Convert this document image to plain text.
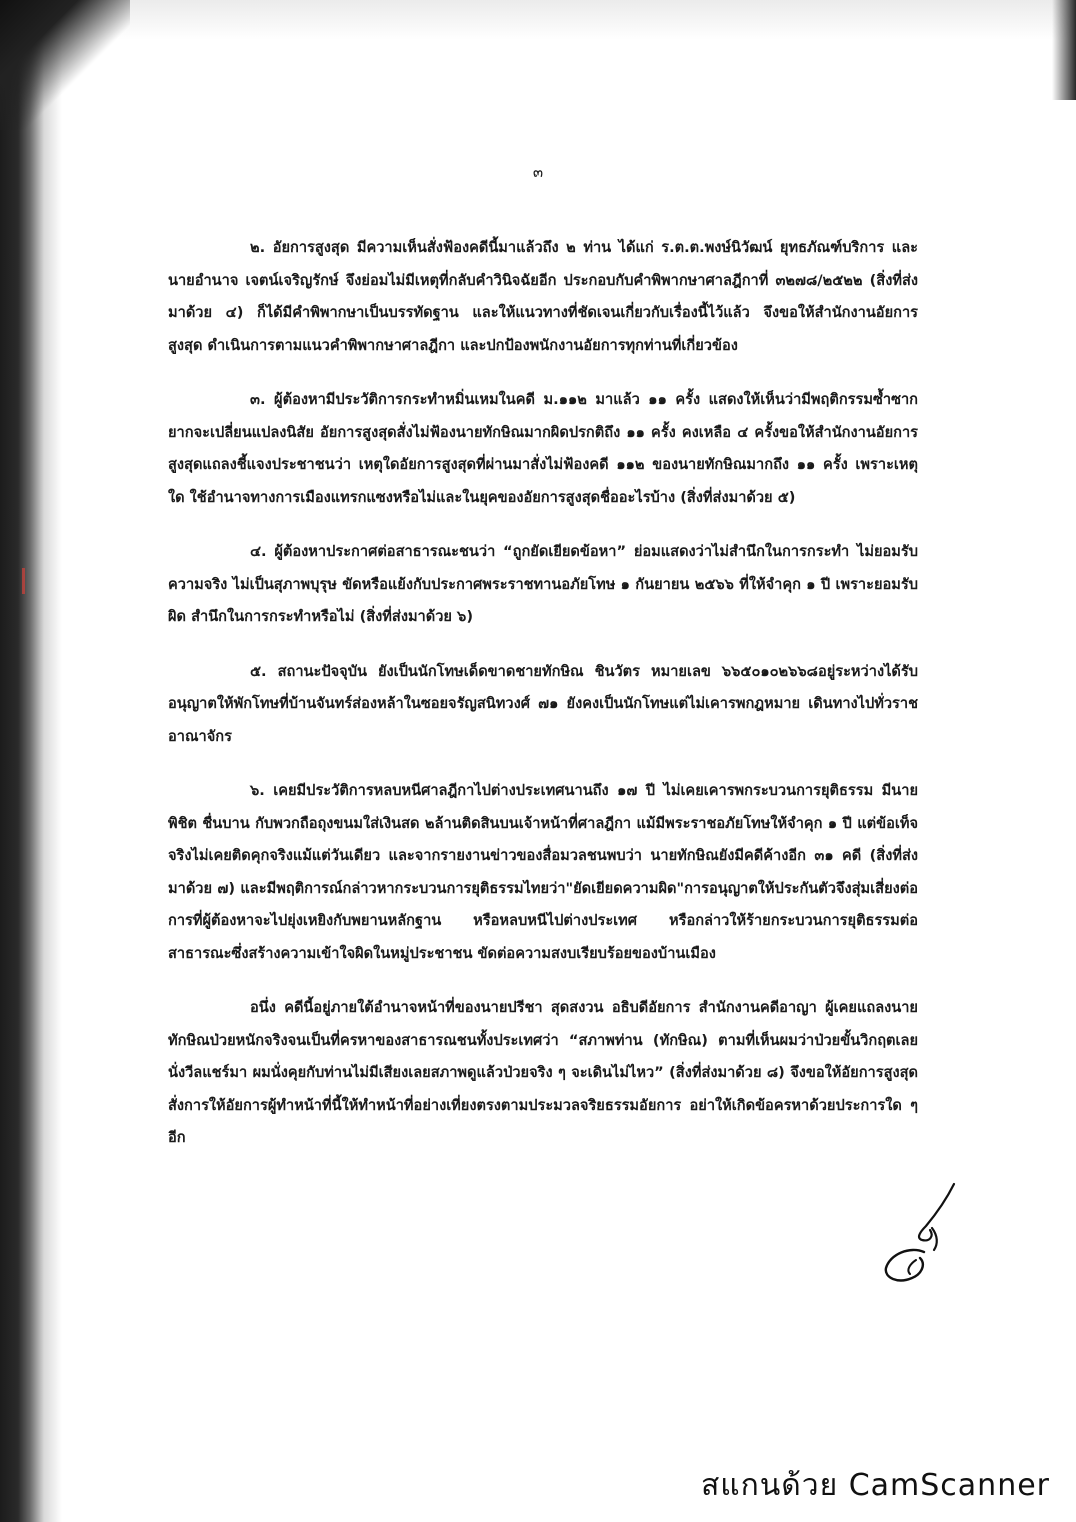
๓

๒. อัยการสูงสุด มีความเห็นสั่งฟ้องคดีนี้มาแล้วถึง ๒ ท่าน ได้แก่ ร.ต.ต.พงษ์นิวัฒน์ ยุทธภัณฑ์บริการ และนายอำนาจ เจตน์เจริญรักษ์ จึงย่อมไม่มีเหตุที่กลับคำวินิจฉัยอีก ประกอบกับคำพิพากษาศาลฎีกาที่ ๓๒๗๘/๒๕๒๒ (สิ่งที่ส่งมาด้วย ๔) ก็ได้มีคำพิพากษาเป็นบรรทัดฐาน และให้แนวทางที่ชัดเจนเกี่ยวกับเรื่องนี้ไว้แล้ว จึงขอให้สำนักงานอัยการสูงสุด ดำเนินการตามแนวคำพิพากษาศาลฎีกา และปกป้องพนักงานอัยการทุกท่านที่เกี่ยวข้อง

๓. ผู้ต้องหามีประวัติการกระทำหมิ่นเหมในคดี ม.๑๑๒ มาแล้ว ๑๑ ครั้ง แสดงให้เห็นว่ามีพฤติกรรมซ้ำซาก ยากจะเปลี่ยนแปลงนิสัย อัยการสูงสุดสั่งไม่ฟ้องนายทักษิณมากผิดปรกติถึง ๑๑ ครั้ง คงเหลือ ๔ ครั้งขอให้สำนักงานอัยการสูงสุดแถลงชี้แจงประชาชนว่า เหตุใดอัยการสูงสุดที่ผ่านมาสั่งไม่ฟ้องคดี ๑๑๒ ของนายทักษิณมากถึง ๑๑ ครั้ง เพราะเหตุใด ใช้อำนาจทางการเมืองแทรกแซงหรือไม่และในยุคของอัยการสูงสุดชื่ออะไรบ้าง (สิ่งที่ส่งมาด้วย ๕)

๔. ผู้ต้องหาประกาศต่อสาธารณะชนว่า “ถูกยัดเยียดข้อหา” ย่อมแสดงว่าไม่สำนึกในการกระทำ ไม่ยอมรับความจริง ไม่เป็นสุภาพบุรุษ ขัดหรือแย้งกับประกาศพระราชทานอภัยโทษ ๑ กันยายน ๒๕๖๖ ที่ให้จำคุก ๑ ปี เพราะยอมรับผิด สำนึกในการกระทำหรือไม่ (สิ่งที่ส่งมาด้วย ๖)

๕. สถานะปัจจุบัน ยังเป็นนักโทษเด็ดขาดชายทักษิณ ชินวัตร หมายเลข ๖๖๕๐๑๐๒๖๖๘อยู่ระหว่างได้รับอนุญาตให้พักโทษที่บ้านจันทร์ส่องหล้าในซอยจรัญสนิทวงศ์ ๗๑ ยังคงเป็นนักโทษแต่ไม่เคารพกฎหมาย เดินทางไปทั่วราชอาณาจักร

๖. เคยมีประวัติการหลบหนีศาลฎีกาไปต่างประเทศนานถึง ๑๗ ปี ไม่เคยเคารพกระบวนการยุติธรรม มีนายพิชิต ชื่นบาน กับพวกถือถุงขนมใส่เงินสด ๒ล้านติดสินบนเจ้าหน้าที่ศาลฎีกา แม้มีพระราชอภัยโทษให้จำคุก ๑ ปี แต่ข้อเท็จจริงไม่เคยติดคุกจริงแม้แต่วันเดียว และจากรายงานข่าวของสื่อมวลชนพบว่า นายทักษิณยังมีคดีค้างอีก ๓๑ คดี (สิ่งที่ส่งมาด้วย ๗) และมีพฤติการณ์กล่าวหากระบวนการยุติธรรมไทยว่า"ยัดเยียดความผิด"การอนุญาตให้ประกันตัวจึงสุ่มเสี่ยงต่อการที่ผู้ต้องหาจะไปยุ่งเหยิงกับพยานหลักฐาน หรือหลบหนีไปต่างประเทศ หรือกล่าวให้ร้ายกระบวนการยุติธรรมต่อสาธารณะซึ่งสร้างความเข้าใจผิดในหมู่ประชาชน ขัดต่อความสงบเรียบร้อยของบ้านเมือง

อนึ่ง คดีนี้อยู่ภายใต้อำนาจหน้าที่ของนายปรีชา สุดสงวน อธิบดีอัยการ สำนักงานคดีอาญา ผู้เคยแถลงนายทักษิณป่วยหนักจริงจนเป็นที่ครหาของสาธารณชนทั้งประเทศว่า “สภาพท่าน (ทักษิณ) ตามที่เห็นผมว่าป่วยขั้นวิกฤตเลย นั่งวีลแชร์มา ผมนั่งคุยกับท่านไม่มีเสียงเลยสภาพดูแล้วป่วยจริง ๆ จะเดินไม่ไหว” (สิ่งที่ส่งมาด้วย ๘) จึงขอให้อัยการสูงสุดสั่งการให้อัยการผู้ทำหน้าที่นี้ให้ทำหน้าที่อย่างเที่ยงตรงตามประมวลจริยธรรมอัยการ อย่าให้เกิดข้อครหาด้วยประการใด ๆ อีก

สแกนด้วย CamScanner
